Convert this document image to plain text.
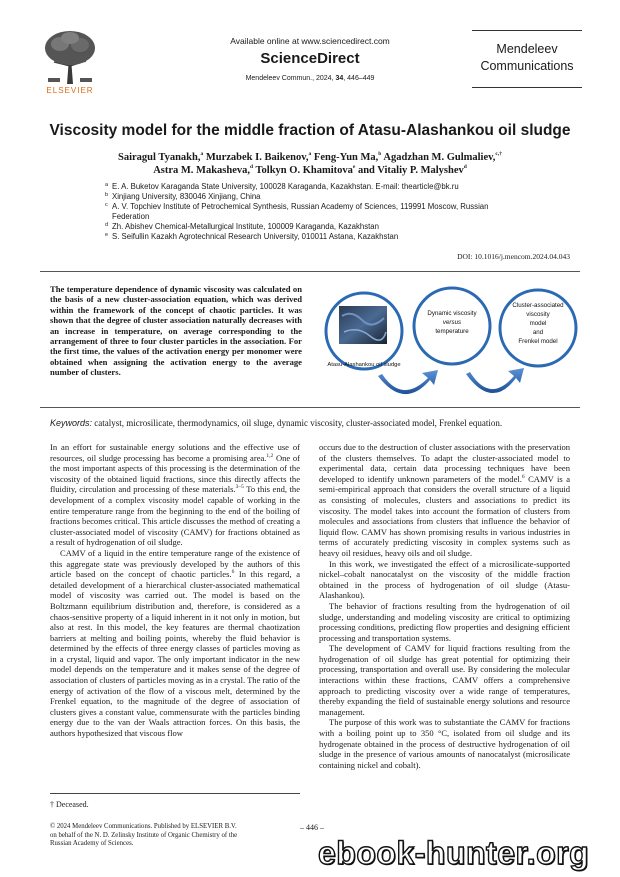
ELSEVIER
Available online at www.sciencedirect.com
ScienceDirect
Mendeleev Commun., 2024, 34, 446–449
Mendeleev
Communications
Viscosity model for the middle fraction of Atasu-Alashankou oil sludge
Sairagul Tyanakh,$^a$ Murzabek I. Baikenov,$^a$ Feng-Yun Ma,$^b$ Agadzhan M. Gulmaliev,$^{c,\dagger}$
Astra M. Makasheva,$^d$ Tolkyn O. Khamitova$^e$ and Vitaliy P. Malyshev$^d$
a E. A. Buketov Karaganda State University, 100028 Karaganda, Kazakhstan. E-mail: thearticle@bk.ru
b Xinjiang University, 830046 Xinjiang, China
c A. V. Topchiev Institute of Petrochemical Synthesis, Russian Academy of Sciences, 119991 Moscow, Russian Federation
d Zh. Abishev Chemical-Metallurgical Institute, 100009 Karaganda, Kazakhstan
e S. Seifullin Kazakh Agrotechnical Research University, 010011 Astana, Kazakhstan
DOI: 10.1016/j.mencom.2024.04.043
The temperature dependence of dynamic viscosity was calculated on the basis of a new cluster-association equation, which was derived within the framework of the concept of chaotic particles. It was shown that the degree of cluster association naturally decreases with an increase in temperature, on average corresponding to the arrangement of three to four cluster particles in the association. For the first time, the values of the activation energy per monomer were obtained when assigning the activation energy to the average number of clusters.
Atasu-Alashankou oil sludge
Dynamic viscosity
versus
temperature
Cluster-associated
viscosity
model
and
Frenkel model
Keywords: catalyst, microsilicate, thermodynamics, oil sluge, dynamic viscosity, cluster-associated model, Frenkel equation.

In an effort for sustainable energy solutions and the effective use of resources, oil sludge processing has become a promising area.$^{1,2}$ One of the most important aspects of this processing is the determination of the viscosity of the obtained liquid fractions, since this directly affects the fluidity, circulation and processing of these materials.$^{3-5}$ To this end, the development of a complex viscosity model capable of working in the entire temperature range from the beginning to the end of the boiling of fractions becomes critical. This article discusses the method of creating a cluster-associated model of viscosity (CAMV) for fractions obtained as a result of hydrogenation of oil sludge.

CAMV of a liquid in the entire temperature range of the existence of this aggregate state was previously developed by the authors of this article based on the concept of chaotic particles.$^6$ In this regard, a detailed development of a hierarchical cluster-associated mathematical model of viscosity was carried out. The model is based on the Boltzmann equilibrium distribution and, therefore, is considered as a chaos-sensitive property of a liquid inherent in it not only in motion, but also at rest. In this model, the key features are thermal chaotization barriers at melting and boiling points, whereby the fluid behavior is determined by the effects of three energy classes of particles moving as in a crystal, liquid and vapor. The only important indicator in the new model depends on the temperature and it makes sense of the degree of association of clusters of particles moving as in a crystal. The ratio of the energy of activation of the flow of a viscous melt, determined by the Frenkel equation, to the magnitude of the degree of association of clusters gives a constant value, commensurate with the particles binding energy due to the van der Waals attraction forces. On this basis, the authors hypothesized that viscous flow

occurs due to the destruction of cluster associations with the preservation of the clusters themselves. To adapt the cluster-associated model to experimental data, certain data processing techniques have been developed to identify unknown parameters of the model.$^6$ CAMV is a semi-empirical approach that considers the overall structure of a liquid as consisting of molecules, clusters and associations to predict its viscosity. The model takes into account the formation of clusters from molecules and associations from clusters that influence the behavior of liquid flow. CAMV has shown promising results in various industries in terms of accurately predicting viscosity in complex systems such as heavy oil residues, heavy oils and oil sludge.

In this work, we investigated the effect of a microsilicate-supported nickel–cobalt nanocatalyst on the viscosity of the middle fraction obtained in the process of hydrogenation of oil sludge (Atasu-Alashankou).

The behavior of fractions resulting from the hydrogenation of oil sludge, understanding and modeling viscosity are critical to optimizing processing conditions, predicting flow properties and designing efficient processing and transportation systems.

The development of CAMV for liquid fractions resulting from the hydrogenation of oil sludge has great potential for optimizing their processing, transportation and overall use. By considering the molecular interactions within these fractions, CAMV offers a comprehensive approach to predicting viscosity over a wide range of temperatures, thereby expanding the field of sustainable energy solutions and resource management.

The purpose of this work was to substantiate the CAMV for fractions with a boiling point up to 350 °C, isolated from oil sludge and its hydrogenate obtained in the process of destructive hydrogenation of oil sludge in the presence of various amounts of nanocatalyst (microsilicate containing nickel and cobalt).

† Deceased.
© 2024 Mendeleev Communications. Published by ELSEVIER B.V.
on behalf of the N. D. Zelinsky Institute of Organic Chemistry of the
Russian Academy of Sciences.
– 446 –
ebook-hunter.org
